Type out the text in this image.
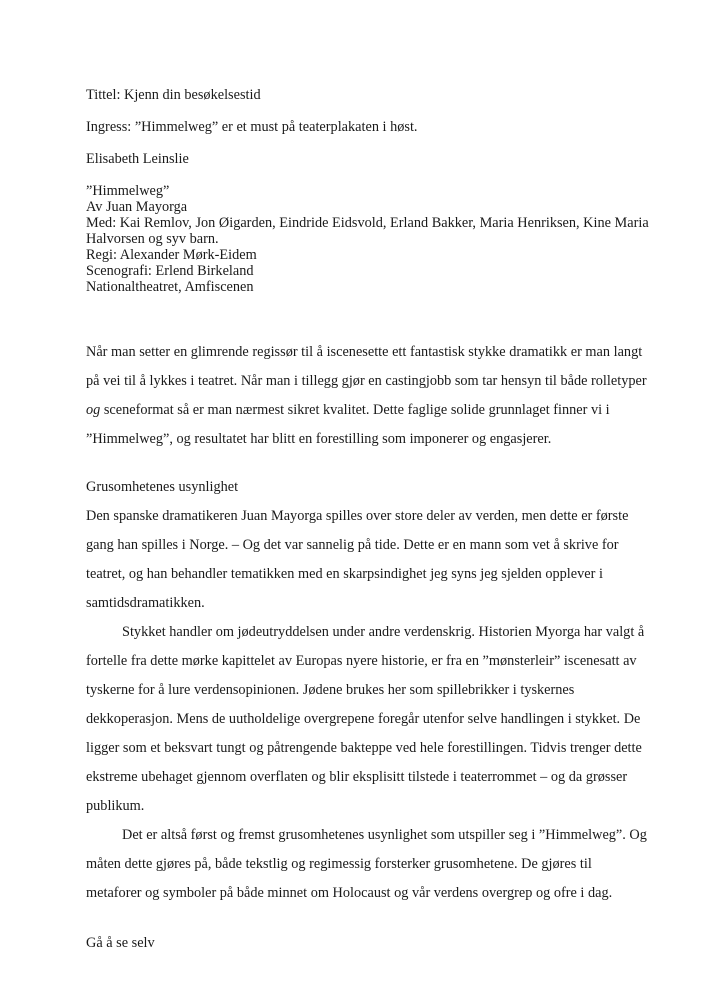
Tittel: Kjenn din besøkelsestid

Ingress: ”Himmelweg” er et must på teaterplakaten i høst.

Elisabeth Leinslie

”Himmelweg”

Av Juan Mayorga

Med: Kai Remlov, Jon Øigarden, Eindride Eidsvold, Erland Bakker, Maria Henriksen, Kine Maria Halvorsen og syv barn.

Regi: Alexander Mørk-Eidem

Scenografi: Erlend Birkeland

Nationaltheatret, Amfiscenen

Når man setter en glimrende regissør til å iscenesette ett fantastisk stykke dramatikk er man langt på vei til å lykkes i teatret. Når man i tillegg gjør en castingjobb som tar hensyn til både rolletyper og sceneformat så er man nærmest sikret kvalitet. Dette faglige solide grunnlaget finner vi i ”Himmelweg”, og resultatet har blitt en forestilling som imponerer og engasjerer.

Grusomhetenes usynlighet

Den spanske dramatikeren Juan Mayorga spilles over store deler av verden, men dette er første gang han spilles i Norge. – Og det var sannelig på tide. Dette er en mann som vet å skrive for teatret, og han behandler tematikken med en skarpsindighet jeg syns jeg sjelden opplever i samtidsdramatikken.

Stykket handler om jødeutryddelsen under andre verdenskrig. Historien Myorga har valgt å fortelle fra dette mørke kapittelet av Europas nyere historie, er fra en ”mønsterleir” iscenesatt av tyskerne for å lure verdensopinionen. Jødene brukes her som spillebrikker i tyskernes dekkoperasjon. Mens de uutholdelige overgrepene foregår utenfor selve handlingen i stykket. De ligger som et beksvart tungt og påtrengende bakteppe ved hele forestillingen. Tidvis trenger dette ekstreme ubehaget gjennom overflaten og blir eksplisitt tilstede i teaterrommet – og da grøsser publikum.

Det er altså først og fremst grusomhetenes usynlighet som utspiller seg i ”Himmelweg”. Og måten dette gjøres på, både tekstlig og regimessig forsterker grusomhetene. De gjøres til metaforer og symboler på både minnet om Holocaust og vår verdens overgrep og ofre i dag.

Gå å se selv
